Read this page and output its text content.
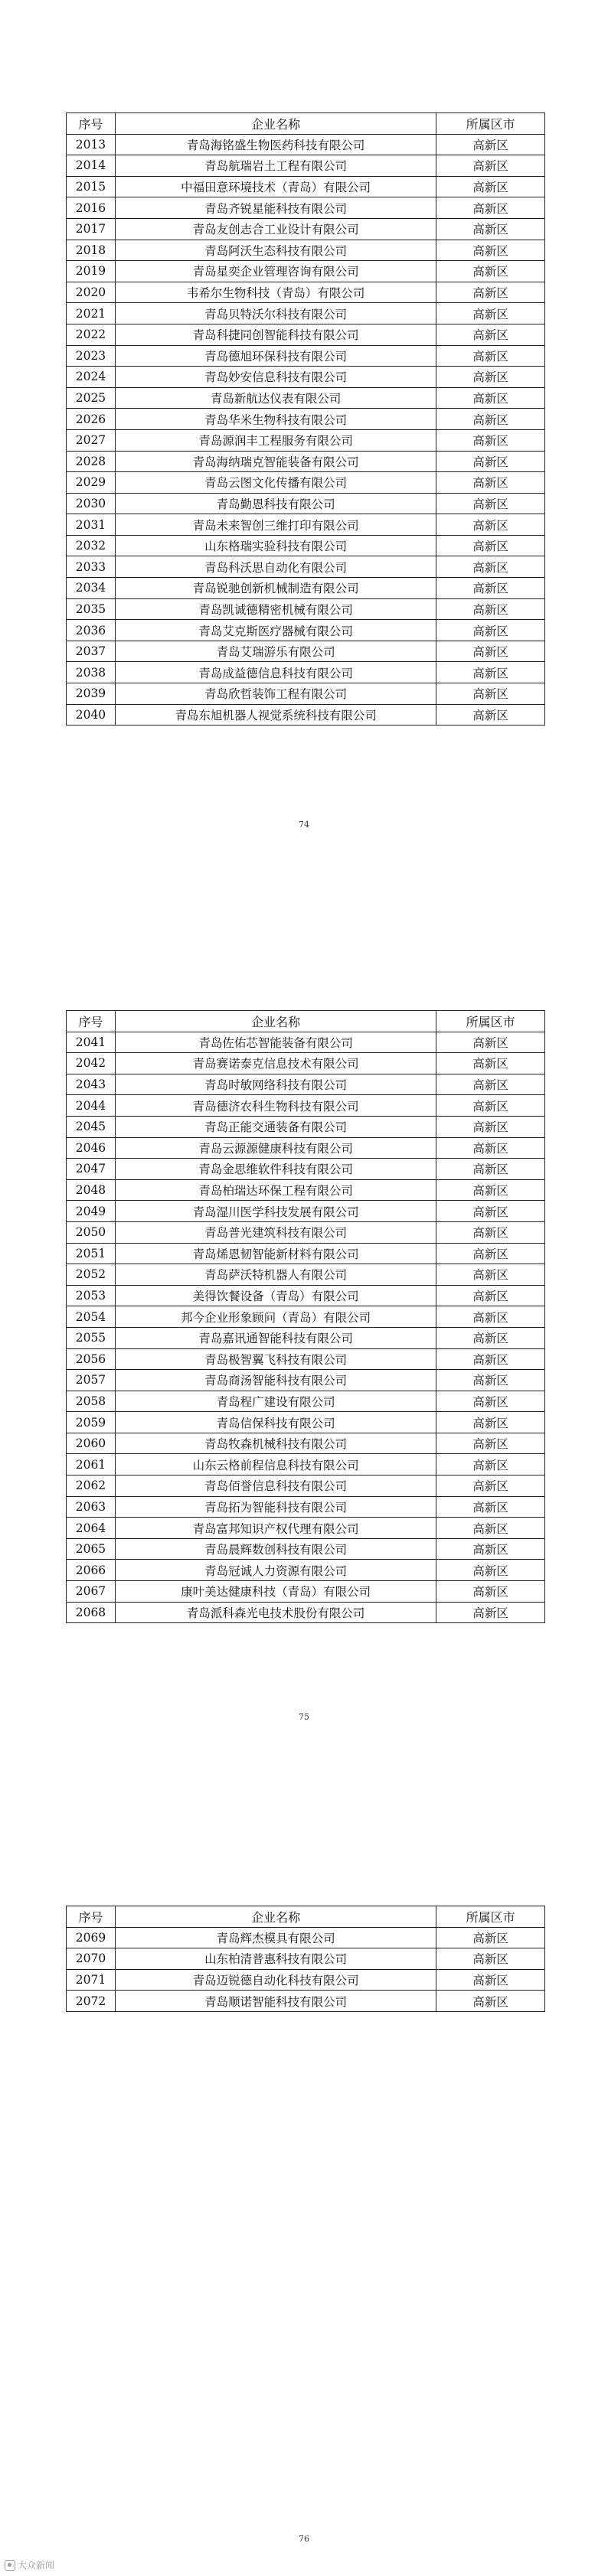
序号	企业名称	所属区市
2013	青岛海铭盛生物医药科技有限公司	高新区
2014	青岛航瑞岩土工程有限公司	高新区
2015	中福田意环境技术（青岛）有限公司	高新区
2016	青岛齐锐星能科技有限公司	高新区
2017	青岛友创志合工业设计有限公司	高新区
2018	青岛阿沃生态科技有限公司	高新区
2019	青岛星奕企业管理咨询有限公司	高新区
2020	韦希尔生物科技（青岛）有限公司	高新区
2021	青岛贝特沃尔科技有限公司	高新区
2022	青岛科捷同创智能科技有限公司	高新区
2023	青岛德旭环保科技有限公司	高新区
2024	青岛妙安信息科技有限公司	高新区
2025	青岛新航达仪表有限公司	高新区
2026	青岛华米生物科技有限公司	高新区
2027	青岛源润丰工程服务有限公司	高新区
2028	青岛海纳瑞克智能装备有限公司	高新区
2029	青岛云图文化传播有限公司	高新区
2030	青岛勤恩科技有限公司	高新区
2031	青岛未来智创三维打印有限公司	高新区
2032	山东格瑞实验科技有限公司	高新区
2033	青岛科沃思自动化有限公司	高新区
2034	青岛锐驰创新机械制造有限公司	高新区
2035	青岛凯诚德精密机械有限公司	高新区
2036	青岛艾克斯医疗器械有限公司	高新区
2037	青岛艾瑞游乐有限公司	高新区
2038	青岛成益德信息科技有限公司	高新区
2039	青岛欣哲装饰工程有限公司	高新区
2040	青岛东旭机器人视觉系统科技有限公司	高新区
74
序号	企业名称	所属区市
2041	青岛佐佑芯智能装备有限公司	高新区
2042	青岛赛诺泰克信息技术有限公司	高新区
2043	青岛时敏网络科技有限公司	高新区
2044	青岛德济农科生物科技有限公司	高新区
2045	青岛正能交通装备有限公司	高新区
2046	青岛云源源健康科技有限公司	高新区
2047	青岛金思维软件科技有限公司	高新区
2048	青岛柏瑞达环保工程有限公司	高新区
2049	青岛湿川医学科技发展有限公司	高新区
2050	青岛普光建筑科技有限公司	高新区
2051	青岛烯恩韧智能新材料有限公司	高新区
2052	青岛萨沃特机器人有限公司	高新区
2053	美得饮餐设备（青岛）有限公司	高新区
2054	邦今企业形象顾问（青岛）有限公司	高新区
2055	青岛嘉讯通智能科技有限公司	高新区
2056	青岛极智翼飞科技有限公司	高新区
2057	青岛商汤智能科技有限公司	高新区
2058	青岛程广建设有限公司	高新区
2059	青岛信保科技有限公司	高新区
2060	青岛牧森机械科技有限公司	高新区
2061	山东云格前程信息科技有限公司	高新区
2062	青岛佰誉信息科技有限公司	高新区
2063	青岛拓为智能科技有限公司	高新区
2064	青岛富邦知识产权代理有限公司	高新区
2065	青岛晨辉数创科技有限公司	高新区
2066	青岛冠诚人力资源有限公司	高新区
2067	康叶美达健康科技（青岛）有限公司	高新区
2068	青岛派科森光电技术股份有限公司	高新区
75
序号	企业名称	所属区市
2069	青岛辉杰模具有限公司	高新区
2070	山东柏清普惠科技有限公司	高新区
2071	青岛迈锐德自动化科技有限公司	高新区
2072	青岛顺诺智能科技有限公司	高新区
76
大众新闻
